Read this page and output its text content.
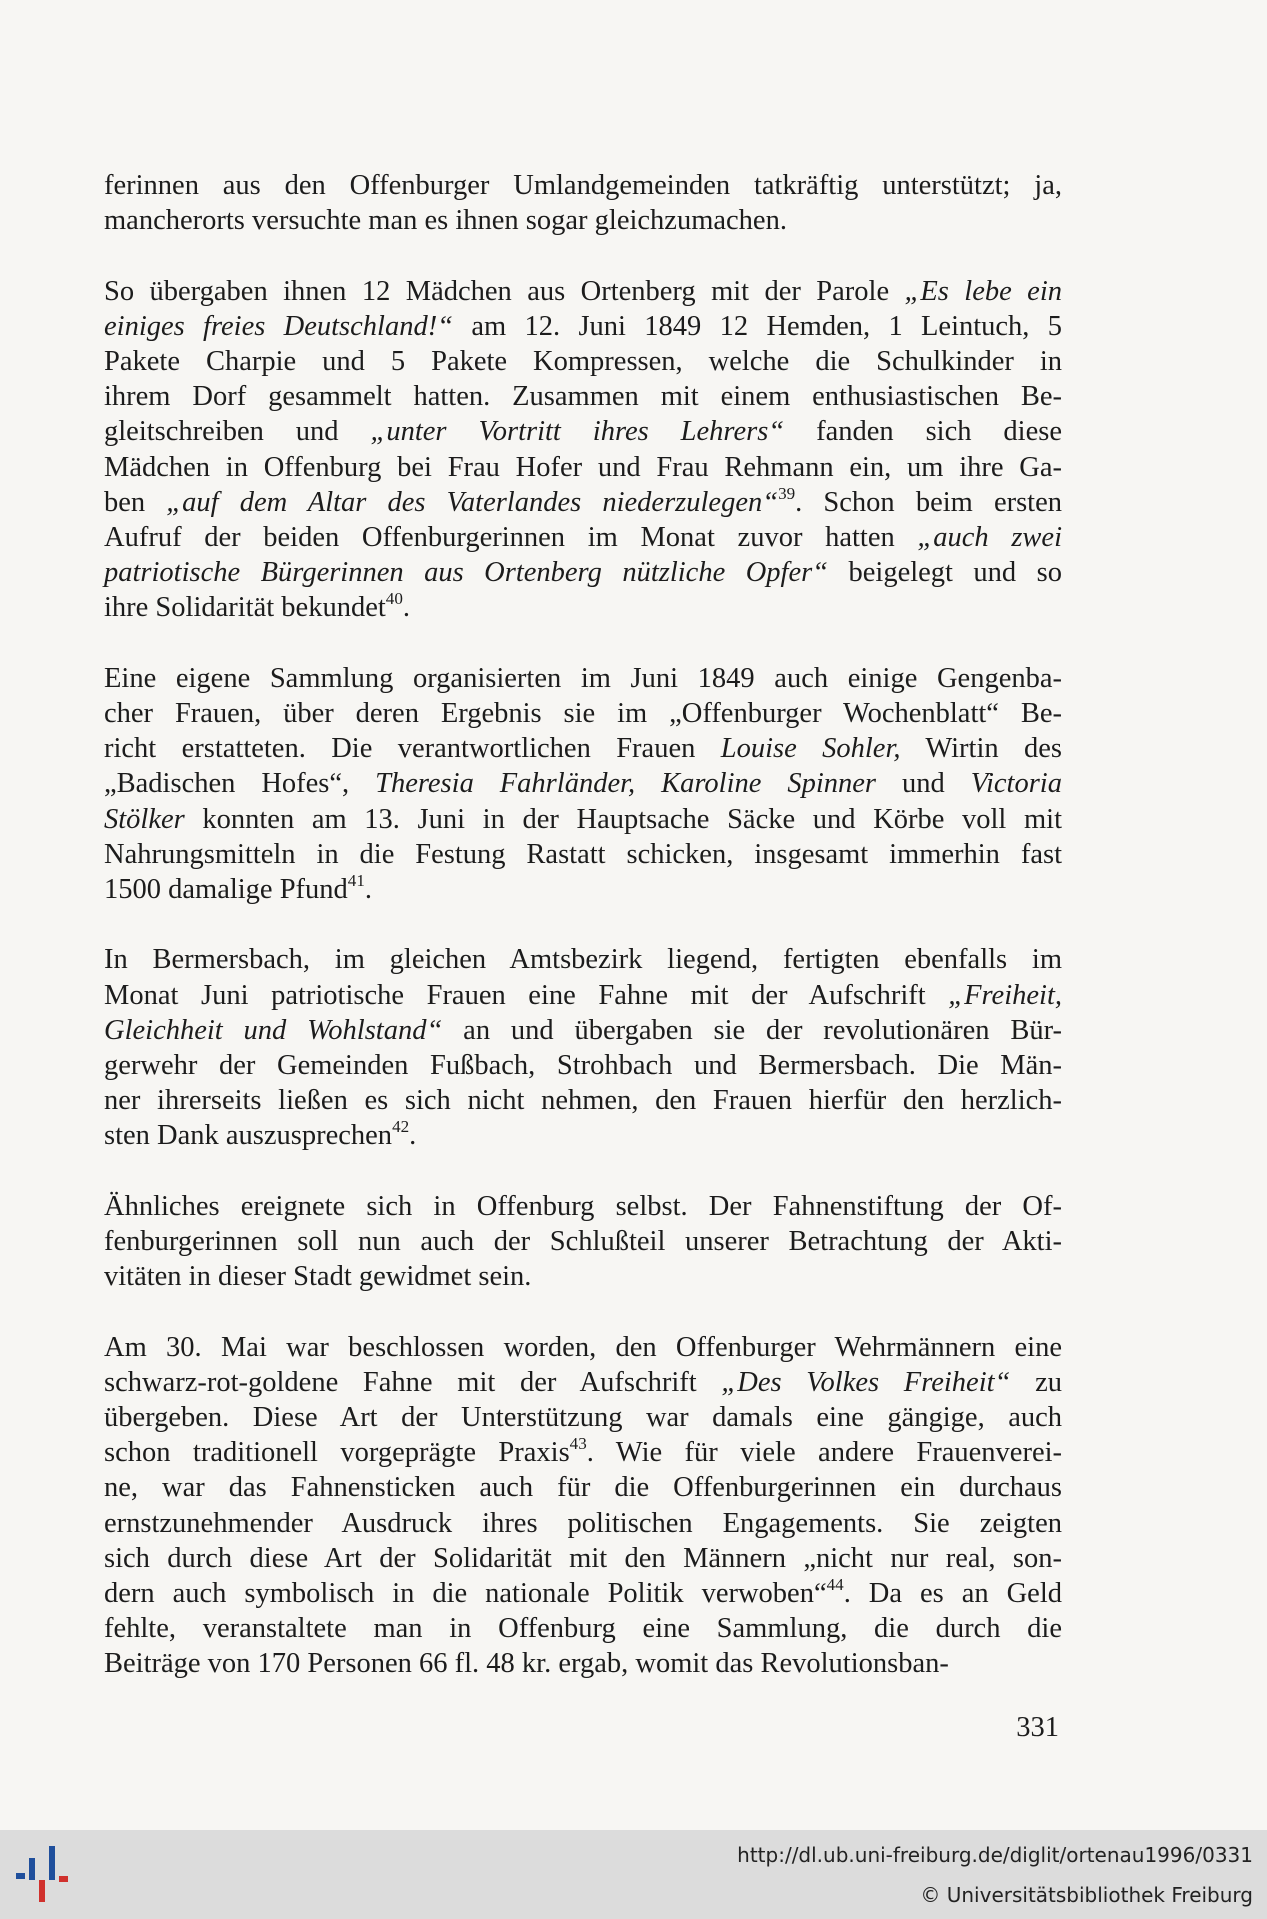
ferinnen aus den Offenburger Umlandgemeinden tatkräftig unterstützt; ja,
mancherorts versuchte man es ihnen sogar gleichzumachen.

So übergaben ihnen 12 Mädchen aus Ortenberg mit der Parole „Es lebe ein
einiges freies Deutschland!“ am 12. Juni 1849 12 Hemden, 1 Leintuch, 5
Pakete Charpie und 5 Pakete Kompressen, welche die Schulkinder in
ihrem Dorf gesammelt hatten. Zusammen mit einem enthusiastischen Be-
gleitschreiben und „unter Vortritt ihres Lehrers“ fanden sich diese
Mädchen in Offenburg bei Frau Hofer und Frau Rehmann ein, um ihre Ga-
ben „auf dem Altar des Vaterlandes niederzulegen“$^{39}$. Schon beim ersten
Aufruf der beiden Offenburgerinnen im Monat zuvor hatten „auch zwei
patriotische Bürgerinnen aus Ortenberg nützliche Opfer“ beigelegt und so
ihre Solidarität bekundet$^{40}$.

Eine eigene Sammlung organisierten im Juni 1849 auch einige Gengenba-
cher Frauen, über deren Ergebnis sie im „Offenburger Wochenblatt“ Be-
richt erstatteten. Die verantwortlichen Frauen Louise Sohler, Wirtin des
„Badischen Hofes“, Theresia Fahrländer, Karoline Spinner und Victoria
Stölker konnten am 13. Juni in der Hauptsache Säcke und Körbe voll mit
Nahrungsmitteln in die Festung Rastatt schicken, insgesamt immerhin fast
1500 damalige Pfund$^{41}$.

In Bermersbach, im gleichen Amtsbezirk liegend, fertigten ebenfalls im
Monat Juni patriotische Frauen eine Fahne mit der Aufschrift „Freiheit,
Gleichheit und Wohlstand“ an und übergaben sie der revolutionären Bür-
gerwehr der Gemeinden Fußbach, Strohbach und Bermersbach. Die Män-
ner ihrerseits ließen es sich nicht nehmen, den Frauen hierfür den herzlich-
sten Dank auszusprechen$^{42}$.

Ähnliches ereignete sich in Offenburg selbst. Der Fahnenstiftung der Of-
fenburgerinnen soll nun auch der Schlußteil unserer Betrachtung der Akti-
vitäten in dieser Stadt gewidmet sein.

Am 30. Mai war beschlossen worden, den Offenburger Wehrmännern eine
schwarz-rot-goldene Fahne mit der Aufschrift „Des Volkes Freiheit“ zu
übergeben. Diese Art der Unterstützung war damals eine gängige, auch
schon traditionell vorgeprägte Praxis$^{43}$. Wie für viele andere Frauenverei-
ne, war das Fahnensticken auch für die Offenburgerinnen ein durchaus
ernstzunehmender Ausdruck ihres politischen Engagements. Sie zeigten
sich durch diese Art der Solidarität mit den Männern „nicht nur real, son-
dern auch symbolisch in die nationale Politik verwoben“$^{44}$. Da es an Geld
fehlte, veranstaltete man in Offenburg eine Sammlung, die durch die
Beiträge von 170 Personen 66 fl. 48 kr. ergab, womit das Revolutionsban-

331
http://dl.ub.uni-freiburg.de/diglit/ortenau1996/0331
© Universitätsbibliothek Freiburg
